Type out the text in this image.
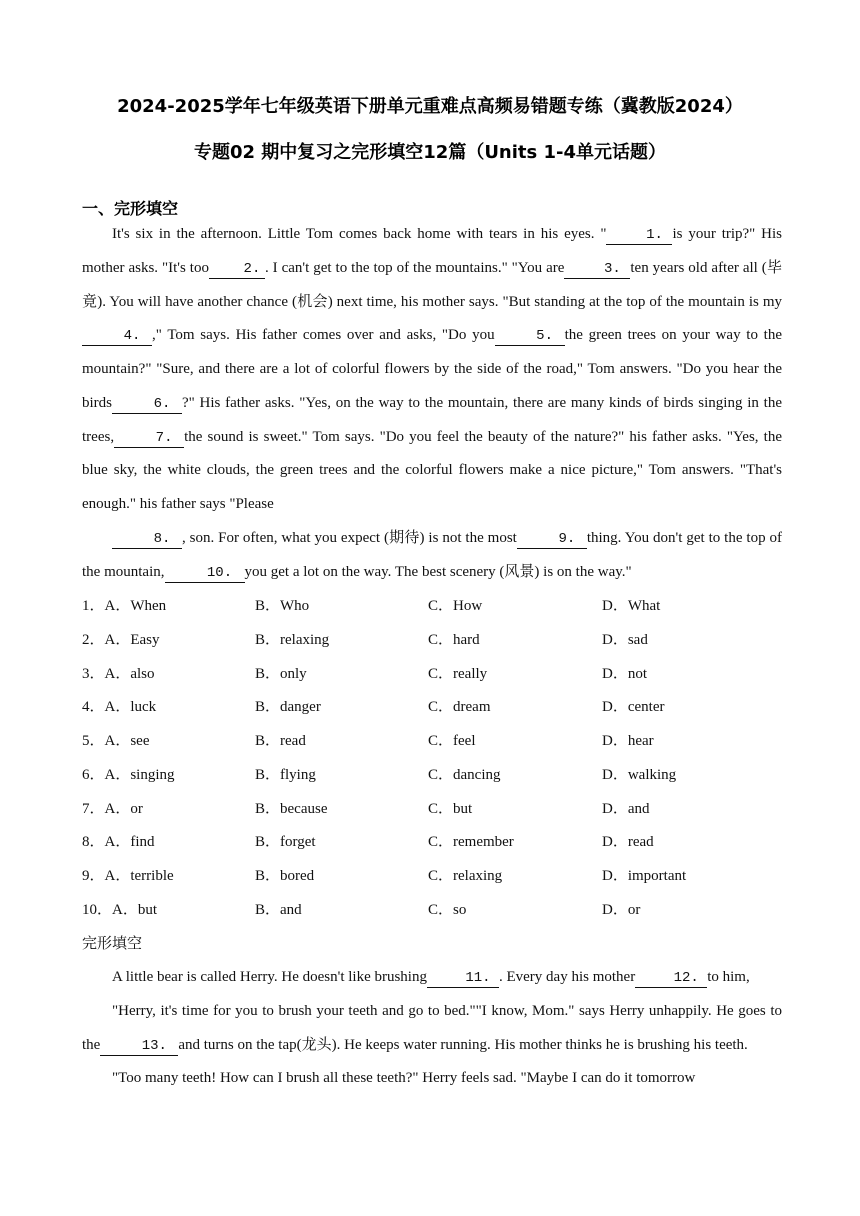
2024-2025学年七年级英语下册单元重难点高频易错题专练（冀教版2024）
专题02 期中复习之完形填空12篇（Units 1-4单元话题）
一、完形填空

It's six in the afternoon. Little Tom comes back home with tears in his eyes. "	1. is your trip?" His mother asks. "It's too 2. . I can't get to the top of the mountains." "You are	3. ten years old after all (毕竟). You will have another chance (机会) next time, his mother says. "But standing at the top of the mountain is my4. ," Tom says. His father comes over and asks, "Do you	5. the green trees on your way to the mountain?" "Sure, and there are a lot of colorful flowers by the side of the road," Tom answers. "Do you hear the birds	6. ?" His father asks. "Yes, on the way to the mountain, there are many kinds of birds singing in the trees,	7. the sound is sweet." Tom says. "Do you feel the beauty of the nature?" his father asks. "Yes, the blue sky, the white clouds, the green trees and the colorful flowers make a nice picture," Tom answers. "That's enough." his father says "Please

8. , son. For often, what you expect (期待) is not the most	9. thing. You don't get to the top of the mountain,	10. you get a lot on the way. The best scenery (风景) is on the way."

1．A．When	B．Who	C．How	D．What
2．A．Easy	B．relaxing	C．hard	D．sad
3．A．also	B．only	C．really	D．not
4．A．luck	B．danger	C．dream	D．center
5．A．see	B．read	C．feel	D．hear
6．A．singing	B．flying	C．dancing	D．walking
7．A．or	B．because	C．but	D．and
8．A．find	B．forget	C．remember	D．read
9．A．terrible	B．bored	C．relaxing	D．important
10．A．but	B．and	C．so	D．or
完形填空

A little bear is called Herry. He doesn't like brushing	11. . Every day his mother	12. to him,

"Herry, it's time for you to brush your teeth and go to bed.""I know, Mom." says Herry unhappily. He goes to the	13. and turns on the tap(龙头). He keeps water running. His mother thinks he is brushing his teeth.

"Too many teeth! How can I brush all these teeth?" Herry feels sad. "Maybe I can do it tomorrow
